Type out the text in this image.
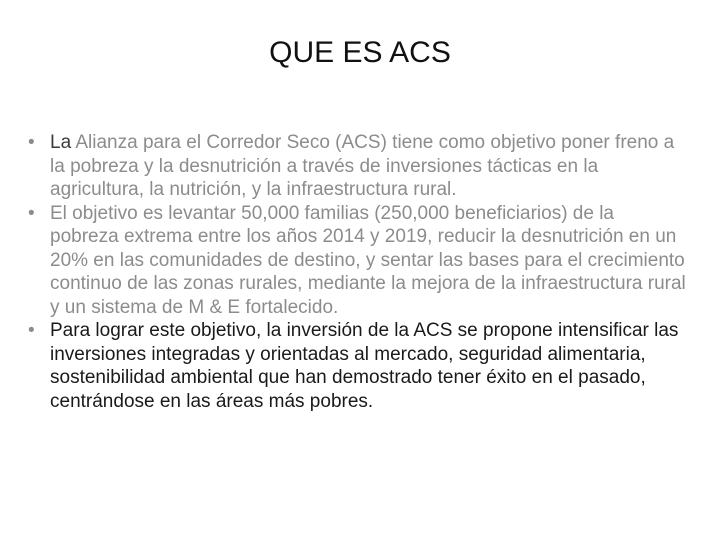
QUE ES ACS
• La Alianza para el Corredor Seco (ACS) tiene como objetivo poner freno a la pobreza y la desnutrición a través de inversiones tácticas en la agricultura, la nutrición, y la infraestructura rural.
• El objetivo es levantar 50,000 familias (250,000 beneficiarios) de la pobreza extrema entre los años 2014 y 2019, reducir la desnutrición en un 20% en las comunidades de destino, y sentar las bases para el crecimiento continuo de las zonas rurales, mediante la mejora de la infraestructura rural y un sistema de M & E fortalecido.
• Para lograr este objetivo, la inversión de la ACS se propone intensificar las inversiones integradas y orientadas al mercado, seguridad alimentaria, sostenibilidad ambiental que han demostrado tener éxito en el pasado, centrándose en las áreas más pobres.
